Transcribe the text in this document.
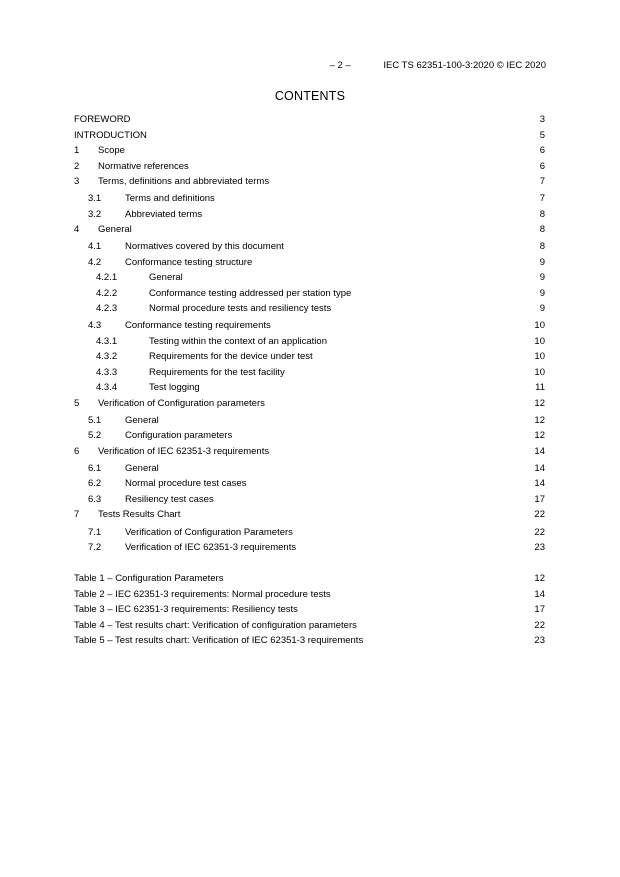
– 2 –	IEC TS 62351-100-3:2020 © IEC 2020
CONTENTS
FOREWORD	3
INTRODUCTION	5
1	Scope	6
2	Normative references	6
3	Terms, definitions and abbreviated terms	7
3.1	Terms and definitions	7
3.2	Abbreviated terms	8
4	General	8
4.1	Normatives covered by this document	8
4.2	Conformance testing structure	9
4.2.1	General	9
4.2.2	Conformance testing addressed per station type	9
4.2.3	Normal procedure tests and resiliency tests	9
4.3	Conformance testing requirements	10
4.3.1	Testing within the context of an application	10
4.3.2	Requirements for the device under test	10
4.3.3	Requirements for the test facility	10
4.3.4	Test logging	11
5	Verification of Configuration parameters	12
5.1	General	12
5.2	Configuration parameters	12
6	Verification of IEC 62351-3 requirements	14
6.1	General	14
6.2	Normal procedure test cases	14
6.3	Resiliency test cases	17
7	Tests Results Chart	22
7.1	Verification of Configuration Parameters	22
7.2	Verification of IEC 62351-3 requirements	23
Table 1 – Configuration Parameters	12
Table 2 – IEC 62351-3 requirements: Normal procedure tests	14
Table 3 – IEC 62351-3 requirements: Resiliency tests	17
Table 4 – Test results chart: Verification of configuration parameters	22
Table 5 – Test results chart: Verification of IEC 62351-3 requirements	23
